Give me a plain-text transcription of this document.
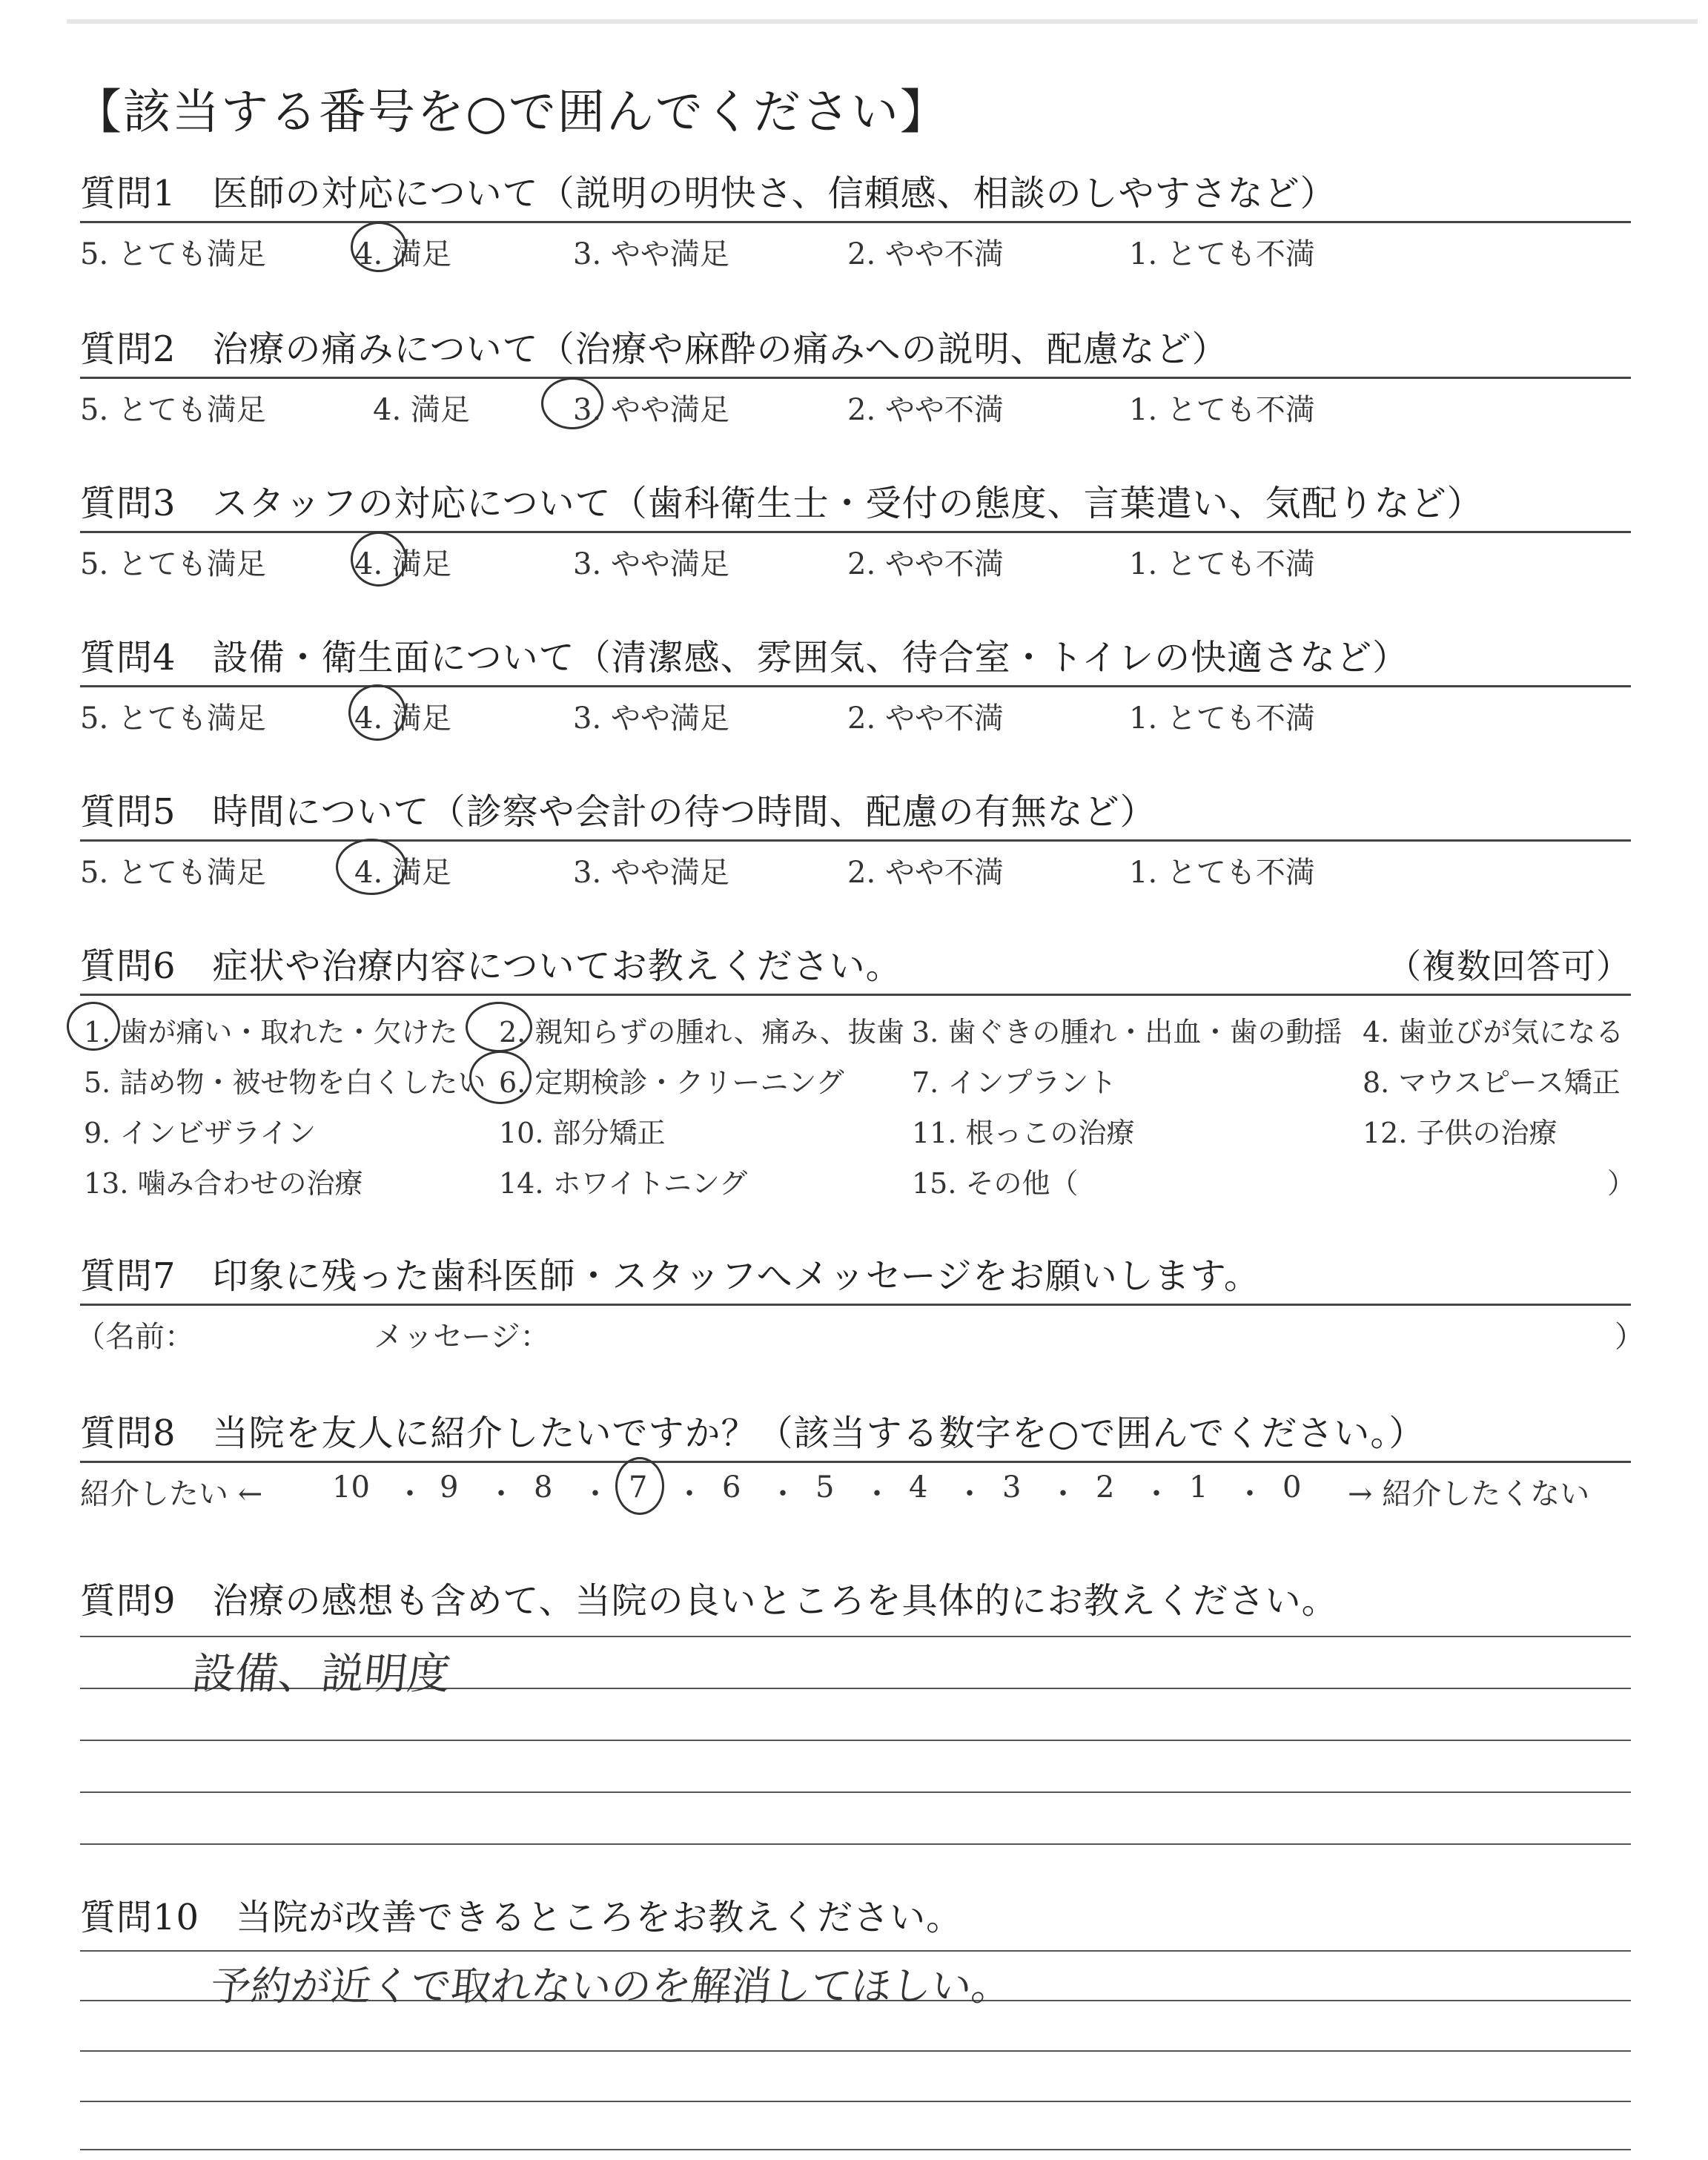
【該当する番号を○で囲んでください】
質問1　医師の対応について（説明の明快さ、信頼感、相談のしやすさなど）
5. とても満足	4. 満足	3. やや満足	2. やや不満	1. とても不満
質問2　治療の痛みについて（治療や麻酔の痛みへの説明、配慮など）
5. とても満足	4. 満足	3. やや満足	2. やや不満	1. とても不満
質問3　スタッフの対応について（歯科衛生士・受付の態度、言葉遣い、気配りなど）
5. とても満足	4. 満足	3. やや満足	2. やや不満	1. とても不満
質問4　設備・衛生面について（清潔感、雰囲気、待合室・トイレの快適さなど）
5. とても満足	4. 満足	3. やや満足	2. やや不満	1. とても不満
質問5　時間について（診察や会計の待つ時間、配慮の有無など）
5. とても満足	4. 満足	3. やや満足	2. やや不満	1. とても不満
質問6　症状や治療内容についてお教えください。	（複数回答可）
1. 歯が痛い・取れた・欠けた 2. 親知らずの腫れ、痛み、抜歯 3. 歯ぐきの腫れ・出血・歯の動揺 4. 歯並びが気になる
5. 詰め物・被せ物を白くしたい 6. 定期検診・クリーニング 7. インプラント	8. マウスピース矯正
9. インビザライン	10. 部分矯正	11. 根っこの治療	12. 子供の治療
13. 噛み合わせの治療	14. ホワイトニング	15. その他（	）
質問7　印象に残った歯科医師・スタッフへメッセージをお願いします。
（名前：	メッセージ：	）
質問8　当院を友人に紹介したいですか？（該当する数字を○で囲んでください。）
紹介したい ← 10 ・ 9 ・ 8 ・ 7 ・ 6 ・ 5 ・ 4 ・ 3 ・ 2 ・ 1 ・ 0 → 紹介したくない
質問9　治療の感想も含めて、当院の良いところを具体的にお教えください。
設備、説明度
質問10　当院が改善できるところをお教えください。
予約が近くで取れないのを解消してほしい。
